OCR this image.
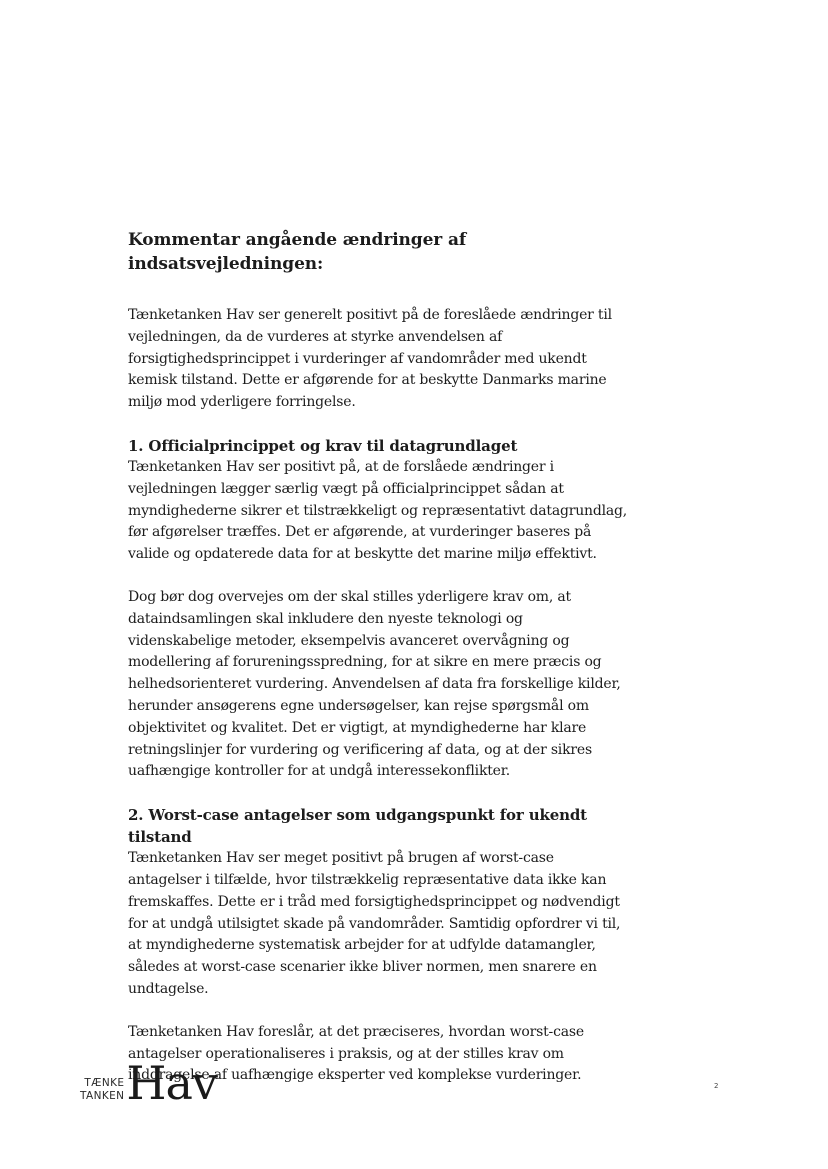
Kommentar angående ændringer af indsatsvejledningen:

Tænketanken Hav ser generelt positivt på de foreslåede ændringer til vejledningen, da de vurderes at styrke anvendelsen af forsigtighedsprincippet i vurderinger af vandområder med ukendt kemisk tilstand. Dette er afgørende for at beskytte Danmarks marine miljø mod yderligere forringelse.

1. Officialprincippet og krav til datagrundlaget

Tænketanken Hav ser positivt på, at de forslåede ændringer i vejledningen lægger særlig vægt på officialprincippet sådan at myndighederne sikrer et tilstrækkeligt og repræsentativt datagrundlag, før afgørelser træffes. Det er afgørende, at vurderinger baseres på valide og opdaterede data for at beskytte det marine miljø effektivt.

Dog bør dog overvejes om der skal stilles yderligere krav om, at dataindsamlingen skal inkludere den nyeste teknologi og videnskabelige metoder, eksempelvis avanceret overvågning og modellering af forureningsspredning, for at sikre en mere præcis og helhedsorienteret vurdering. Anvendelsen af data fra forskellige kilder, herunder ansøgerens egne undersøgelser, kan rejse spørgsmål om objektivitet og kvalitet. Det er vigtigt, at myndighederne har klare retningslinjer for vurdering og verificering af data, og at der sikres uafhængige kontroller for at undgå interessekonflikter.

2. Worst-case antagelser som udgangspunkt for ukendt tilstand

Tænketanken Hav ser meget positivt på brugen af worst-case antagelser i tilfælde, hvor tilstrækkelig repræsentative data ikke kan fremskaffes. Dette er i tråd med forsigtighedsprincippet og nødvendigt for at undgå utilsigtet skade på vandområder. Samtidig opfordrer vi til, at myndighederne systematisk arbejder for at udfylde datamangler, således at worst-case scenarier ikke bliver normen, men snarere en undtagelse.

Tænketanken Hav foreslår, at det præciseres, hvordan worst-case antagelser operationaliseres i praksis, og at der stilles krav om inddragelse af uafhængige eksperter ved komplekse vurderinger.

TÆNKE
TANKEN Hav	2
